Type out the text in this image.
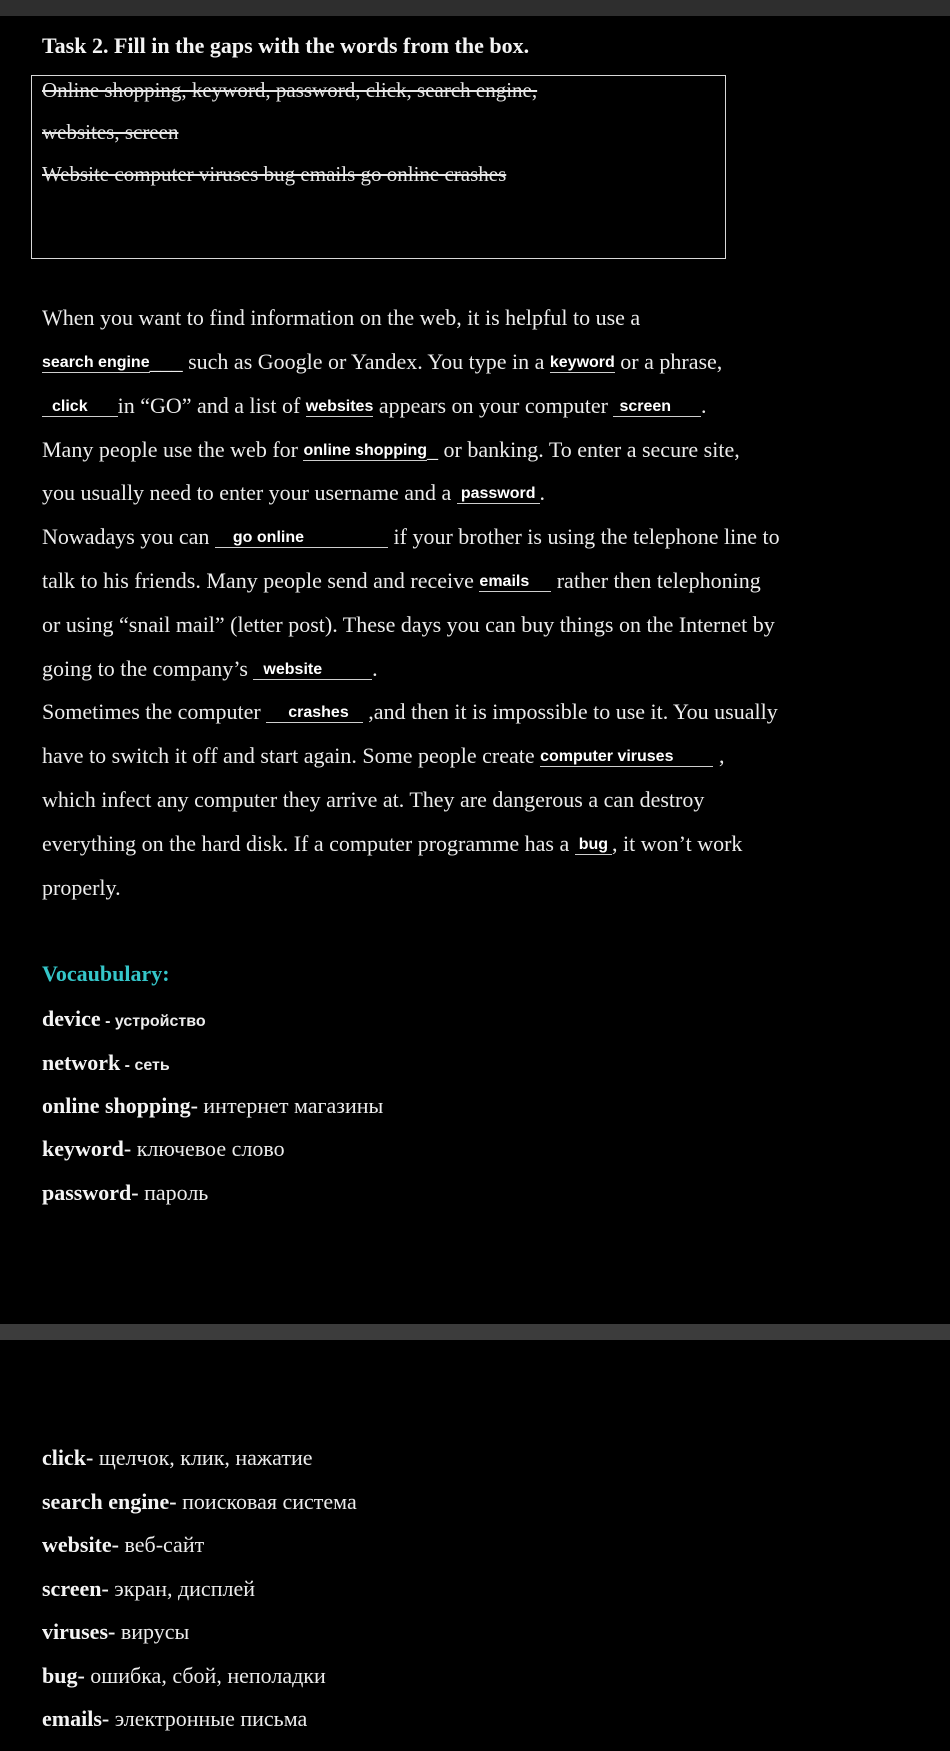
Task 2. Fill in the gaps with the words from the box.
Online shopping, keyword, password, click, search engine,
websites, screen
Website computer viruses bug emails go online crashes
When you want to find information on the web, it is helpful to use a
search engine___ such as Google or Yandex. You type in a keyword or a phrase,
click in “GO” and a list of websites appears on your computer screen .
Many people use the web for online shopping_ or banking. To enter a secure site,
you usually need to enter your username and a password .
Nowadays you can go online	if your brother is using the telephone line to
talk to his friends. Many people send and receive emails rather then telephoning
or using “snail mail” (letter post). These days you can buy things on the Internet by
going to the company’s website .
Sometimes the computer crashes ,and then it is impossible to use it. You usually
have to switch it off and start again. Some people create computer viruses ,
which infect any computer they arrive at. They are dangerous a can destroy
everything on the hard disk. If a computer programme has a bug , it won’t work
properly.
Vocaubulary:
device - устройство
network - сеть
online shopping- интернет магазины
keyword- ключевое слово
password- пароль
click- щелчок, клик, нажатие
search engine- поисковая система
website- веб-сайт
screen- экран, дисплей
viruses- вирусы
bug- ошибка, сбой, неполадки
emails- электронные письма
